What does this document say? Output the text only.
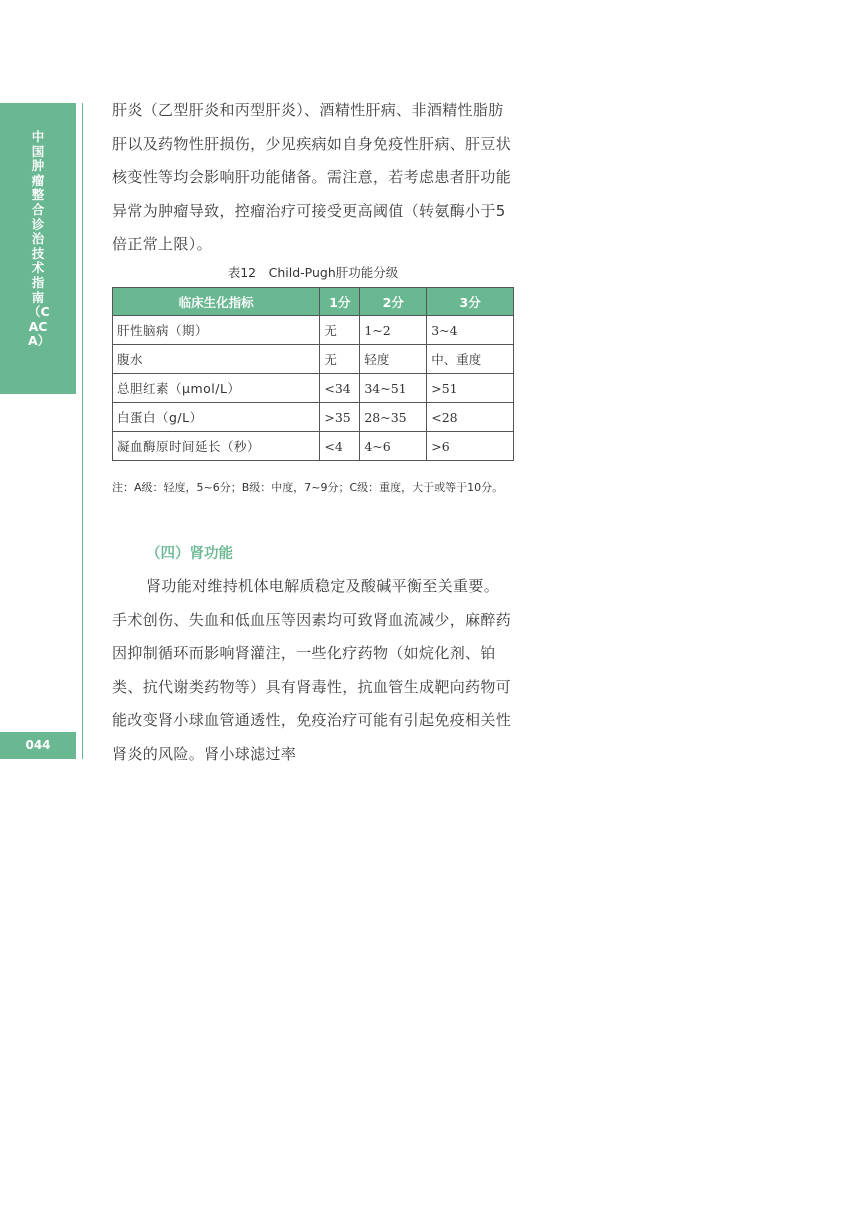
中国肿瘤整合诊治技术指南（CACA）
044

肝炎（乙型肝炎和丙型肝炎）、酒精性肝病、非酒精性脂肪肝以及药物性肝损伤，少见疾病如自身免疫性肝病、肝豆状核变性等均会影响肝功能储备。需注意，若考虑患者肝功能异常为肿瘤导致，控瘤治疗可接受更高阈值（转氨酶小于5倍正常上限）。

表12　Child-Pugh肝功能分级
临床生化指标	1分	2分	3分
肝性脑病（期）	无	1~2	3~4
腹水	无	轻度	中、重度
总胆红素（μmol/L）	<34	34~51	>51
白蛋白（g/L）	>35	28~35	<28
凝血酶原时间延长（秒）	<4	4~6	>6
注：A级：轻度，5~6分；B级：中度，7~9分；C级：重度，大于或等于10分。
（四）肾功能

肾功能对维持机体电解质稳定及酸碱平衡至关重要。手术创伤、失血和低血压等因素均可致肾血流减少，麻醉药因抑制循环而影响肾灌注，一些化疗药物（如烷化剂、铂类、抗代谢类药物等）具有肾毒性，抗血管生成靶向药物可能改变肾小球血管通透性，免疫治疗可能有引起免疫相关性肾炎的风险。肾小球滤过率
